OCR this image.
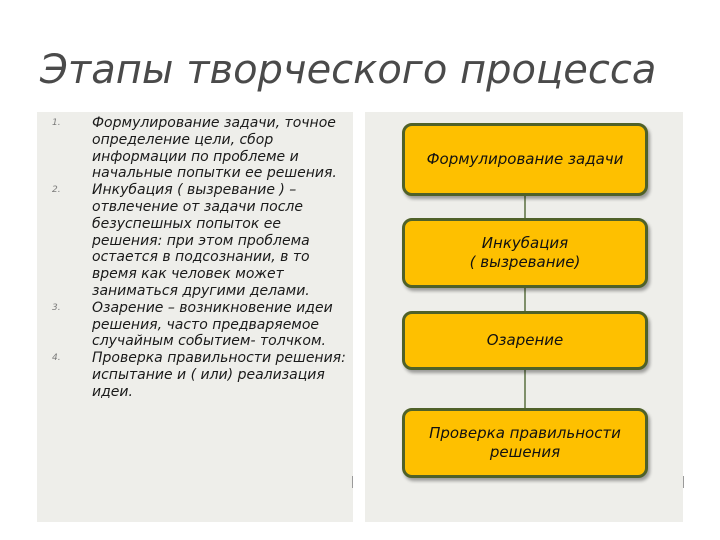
Этапы творческого процесса
1. Формулирование задачи, точное определение цели, сбор информации по проблеме и начальные попытки ее решения.
2. Инкубация ( вызревание ) – отвлечение от задачи после безуспешных попыток ее решения: при этом проблема остается в подсознании, в то время как человек может заниматься другими делами.
3. Озарение – возникновение идеи решения, часто предваряемое случайным событием- толчком.
4. Проверка правильности решения: испытание и ( или) реализация идеи.
Формулирование задачи
Инкубация
( вызревание)
Озарение
Проверка правильности
решения
